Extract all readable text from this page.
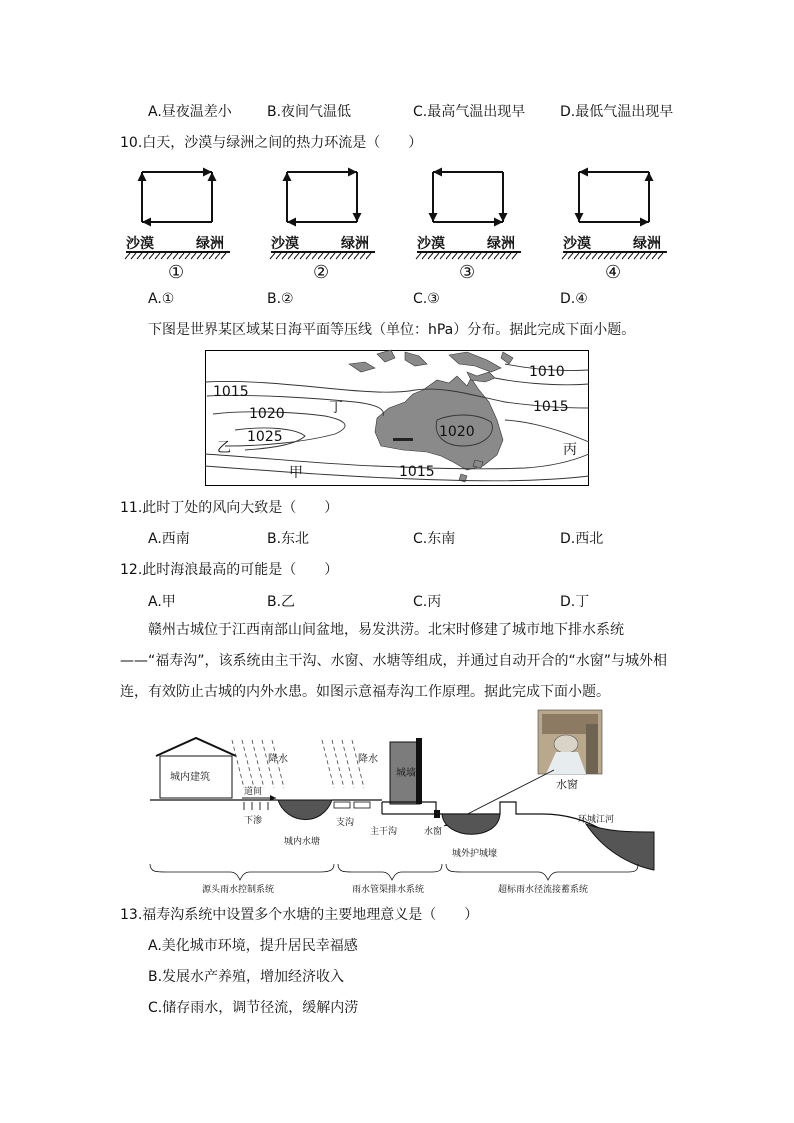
A.昼夜温差小	B.夜间气温低	C.最高气温出现早 D.最低气温出现早
10.白天，沙漠与绿洲之间的热力环流是（　　）
沙漠	绿洲
①
沙漠	绿洲
②
沙漠	绿洲
③
沙漠	绿洲
④
A.①	B.②	C.③	D.④
下图是世界某区域某日海平面等压线（单位：hPa）分布。据此完成下面小题。
1010
1015
1015
1015
1020
1020
1025
甲
乙	丙
丁
11.此时丁处的风向大致是（　　）
A.西南	B.东北	C.东南	D.西北
12.此时海浪最高的可能是（　　）
A.甲	B.乙	C.丙	D.丁
赣州古城位于江西南部山间盆地，易发洪涝。北宋时修建了城市地下排水系统——“福寿沟”，该系统由主干沟、水窗、水塘等组成，并通过自动开合的“水窗”与城外相连，有效防止古城的内外水患。如图示意福寿沟工作原理。据此完成下面小题。
水窗
城内建筑
降水	降水
城墙
道间
下渗
城内水塘
支沟
主干沟	水窗
城外护城壕
环城江河
源头雨水控制系统	雨水管渠排水系统	超标雨水径流接蓄系统
13.福寿沟系统中设置多个水塘的主要地理意义是（　　）
A.美化城市环境，提升居民幸福感
B.发展水产养殖，增加经济收入
C.储存雨水，调节径流，缓解内涝
